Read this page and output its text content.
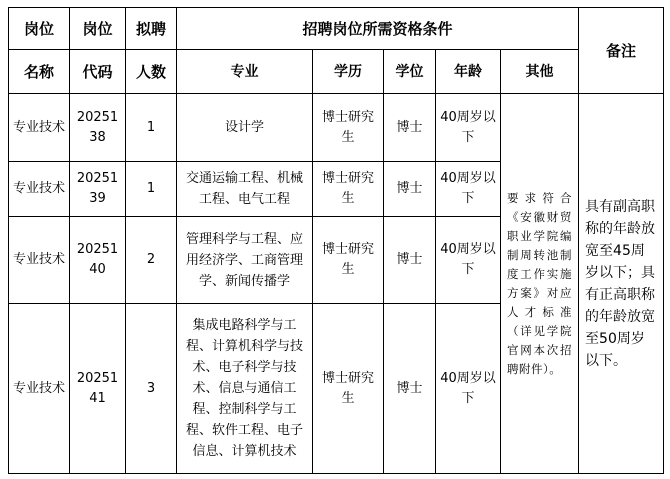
岗位	岗位	拟聘	招聘岗位所需资格条件					备注
名称	代码	人数	专业	学历	学位	年龄	其他	
专业技术	2025138	1	设计学	博士研究生	博士	40周岁以下	要求符合《安徽财贸职业学院编制周转池制度工作实施方案》对应人才标准（详见学院官网本次招聘附件）。	具有副高职称的年龄放宽至45周岁以下；具有正高职称的年龄放宽至50周岁以下。
专业技术	2025139	1	交通运输工程、机械工程、电气工程	博士研究生	博士	40周岁以下		
专业技术	2025140	2	管理科学与工程、应用经济学、工商管理学、新闻传播学	博士研究生	博士	40周岁以下		
专业技术	2025141	3	集成电路科学与工程、计算机科学与技术、电子科学与技术、信息与通信工程、控制科学与工程、软件工程、电子信息、计算机技术	博士研究生	博士	40周岁以下		
